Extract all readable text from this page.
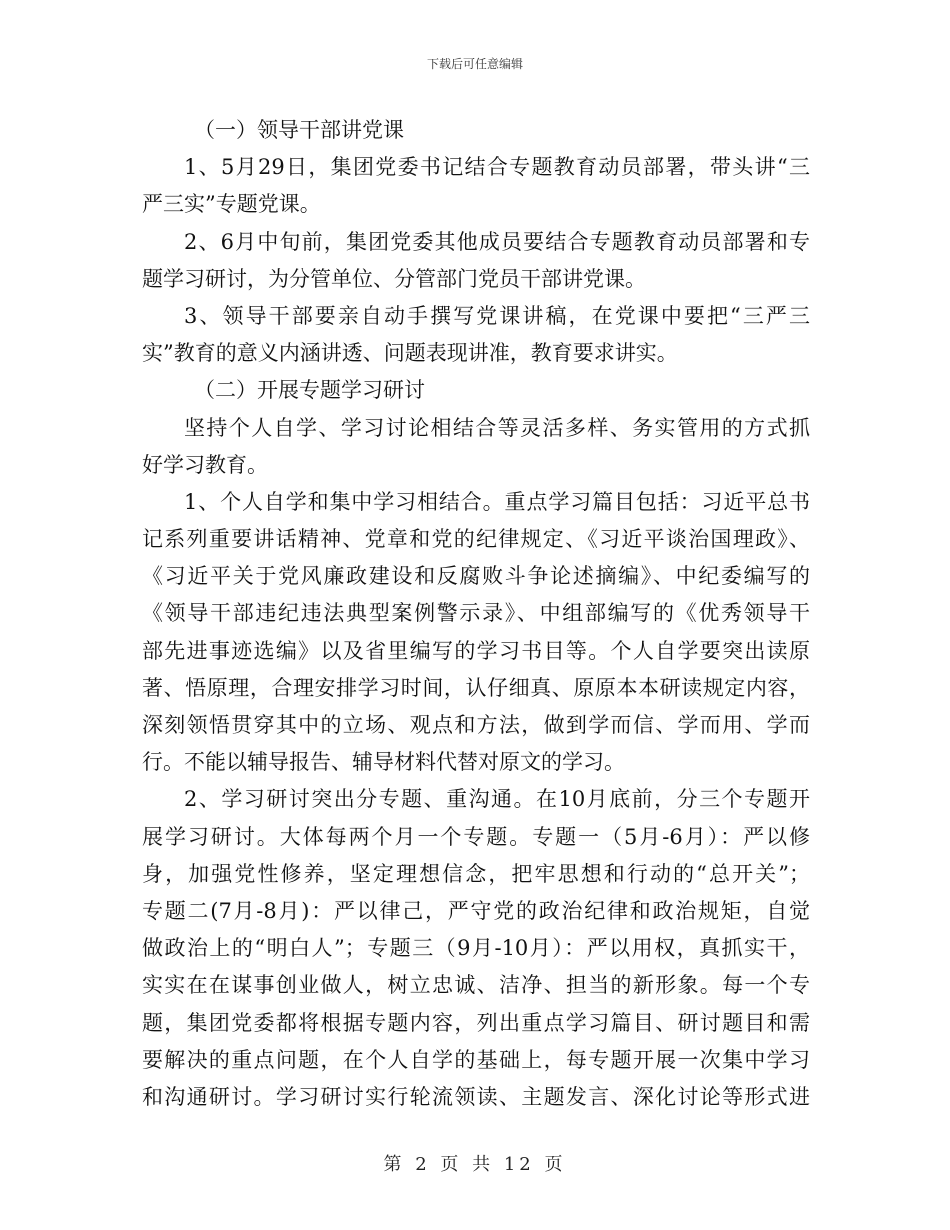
下载后可任意编辑
（一）领导干部讲党课
1、5月29日，集团党委书记结合专题教育动员部署，带头讲“三
严三实”专题党课。
2、6月中旬前，集团党委其他成员要结合专题教育动员部署和专
题学习研讨，为分管单位、分管部门党员干部讲党课。
3、领导干部要亲自动手撰写党课讲稿，在党课中要把“三严三
实”教育的意义内涵讲透、问题表现讲准，教育要求讲实。
（二）开展专题学习研讨
坚持个人自学、学习讨论相结合等灵活多样、务实管用的方式抓
好学习教育。
1、个人自学和集中学习相结合。重点学习篇目包括：习近平总书
记系列重要讲话精神、党章和党的纪律规定、《习近平谈治国理政》、
《习近平关于党风廉政建设和反腐败斗争论述摘编》、中纪委编写的
《领导干部违纪违法典型案例警示录》、中组部编写的《优秀领导干
部先进事迹选编》以及省里编写的学习书目等。个人自学要突出读原
著、悟原理，合理安排学习时间，认仔细真、原原本本研读规定内容，
深刻领悟贯穿其中的立场、观点和方法，做到学而信、学而用、学而
行。不能以辅导报告、辅导材料代替对原文的学习。
2、学习研讨突出分专题、重沟通。在10月底前，分三个专题开
展学习研讨。大体每两个月一个专题。专题一（5月-6月）：严以修
身，加强党性修养，坚定理想信念，把牢思想和行动的“总开关”；
专题二(7月-8月)：严以律己，严守党的政治纪律和政治规矩，自觉
做政治上的“明白人”；专题三（9月-10月）：严以用权，真抓实干，
实实在在谋事创业做人，树立忠诚、洁净、担当的新形象。每一个专
题，集团党委都将根据专题内容，列出重点学习篇目、研讨题目和需
要解决的重点问题，在个人自学的基础上，每专题开展一次集中学习
和沟通研讨。学习研讨实行轮流领读、主题发言、深化讨论等形式进
第 2 页 共 12 页
